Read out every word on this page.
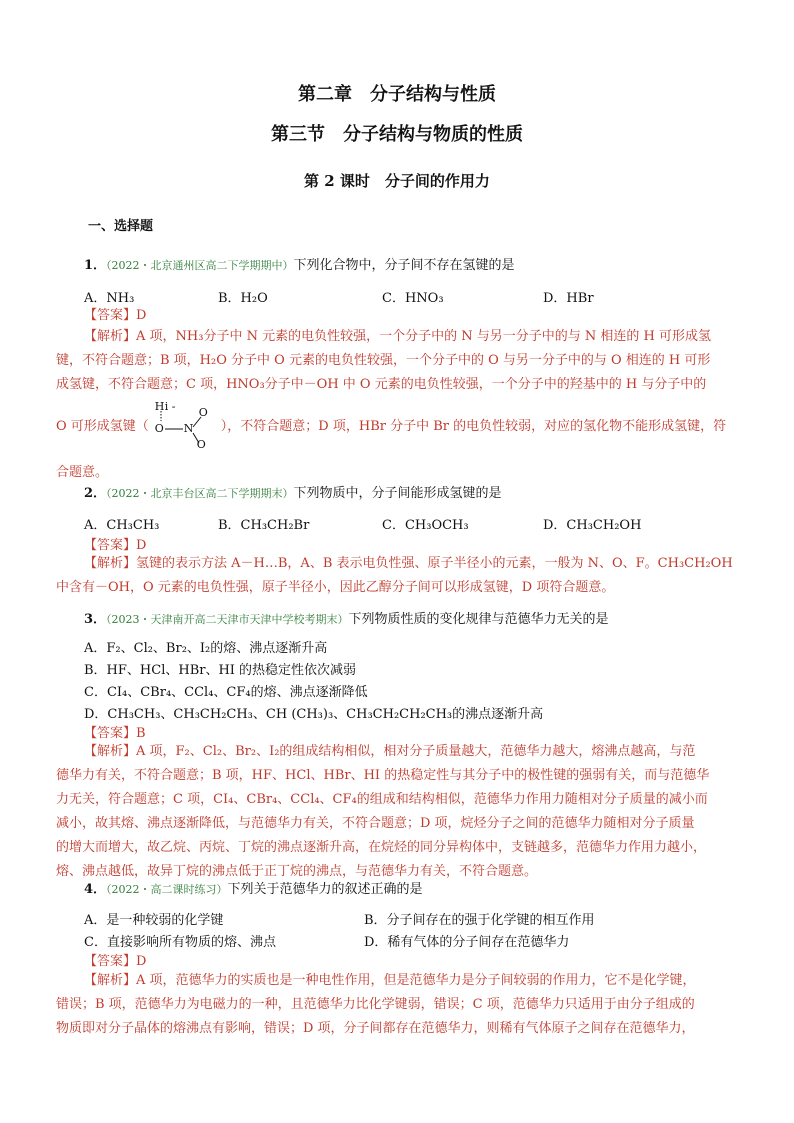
第二章　分子结构与性质
第三节　分子结构与物质的性质
第 2 课时　分子间的作用力
一、选择题
1．（2022・北京通州区高二下学期期中）下列化合物中，分子间不存在氢键的是
A．NH₃	B．H₂O	C．HNO₃	D．HBr
【答案】D
【解析】A 项，NH₃分子中 N 元素的电负性较强，一个分子中的 N 与另一分子中的与 N 相连的 H 可形成氢
键，不符合题意；B 项，H₂O 分子中 O 元素的电负性较强，一个分子中的 O 与另一分子中的与 O 相连的 H 可形
成氢键，不符合题意；C 项，HNO₃分子中－OH 中 O 元素的电负性较强，一个分子中的羟基中的 H 与分子中的
O 可形成氢键（
H i -
O N
O
O
），不符合题意；D 项，HBr 分子中 Br 的电负性较弱，对应的氢化物不能形成氢键，符
合题意。
2．（2022・北京丰台区高二下学期期末）下列物质中，分子间能形成氢键的是
A．CH₃CH₃	B．CH₃CH₂Br	C．CH₃OCH₃	D．CH₃CH₂OH
【答案】D
【解析】氢键的表示方法 A－H…B，A、B 表示电负性强、原子半径小的元素，一般为 N、O、F。CH₃CH₂OH
中含有－OH，O 元素的电负性强，原子半径小，因此乙醇分子间可以形成氢键，D 项符合题意。
3．（2023・天津南开高二天津市天津中学校考期末）下列物质性质的变化规律与范德华力无关的是
A．F₂、Cl₂、Br₂、I₂的熔、沸点逐渐升高
B．HF、HCl、HBr、HI 的热稳定性依次减弱
C．CI₄、CBr₄、CCl₄、CF₄的熔、沸点逐渐降低
D．CH₃CH₃、CH₃CH₂CH₃、CH (CH₃)₃、CH₃CH₂CH₂CH₃的沸点逐渐升高
【答案】B
【解析】A 项，F₂、Cl₂、Br₂、I₂的组成结构相似，相对分子质量越大，范德华力越大，熔沸点越高，与范
德华力有关，不符合题意；B 项，HF、HCl、HBr、HI 的热稳定性与其分子中的极性键的强弱有关，而与范德华
力无关，符合题意；C 项，CI₄、CBr₄、CCl₄、CF₄的组成和结构相似，范德华力作用力随相对分子质量的减小而
减小，故其熔、沸点逐渐降低，与范德华力有关，不符合题意；D 项，烷烃分子之间的范德华力随相对分子质量
的增大而增大，故乙烷、丙烷、丁烷的沸点逐渐升高，在烷烃的同分异构体中，支链越多，范德华力作用力越小，
熔、沸点越低，故异丁烷的沸点低于正丁烷的沸点，与范德华力有关，不符合题意。
4．（2022・高二课时练习）下列关于范德华力的叙述正确的是
A．是一种较弱的化学键	B．分子间存在的强于化学键的相互作用
C．直接影响所有物质的熔、沸点	D．稀有气体的分子间存在范德华力
【答案】D
【解析】A 项，范德华力的实质也是一种电性作用，但是范德华力是分子间较弱的作用力，它不是化学键，
错误；B 项，范德华力为电磁力的一种，且范德华力比化学键弱，错误；C 项，范德华力只适用于由分子组成的
物质即对分子晶体的熔沸点有影响，错误；D 项，分子间都存在范德华力，则稀有气体原子之间存在范德华力，
